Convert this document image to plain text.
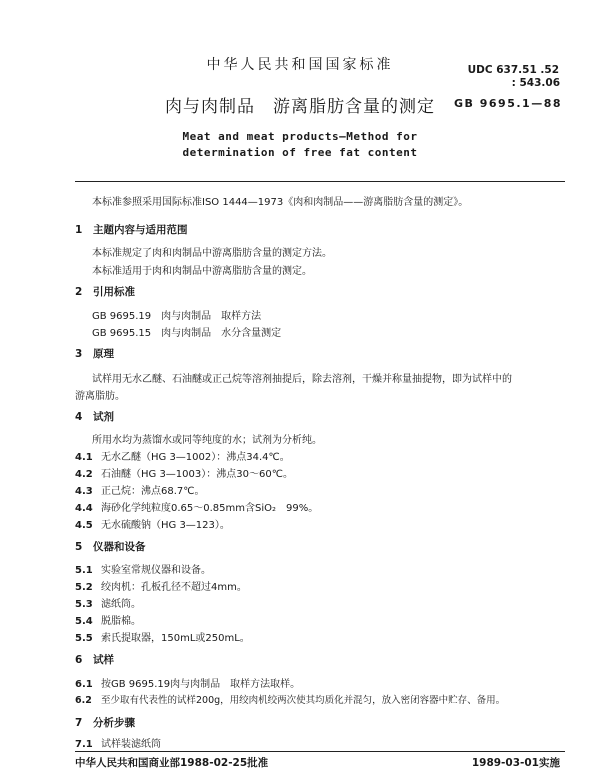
中华人民共和国国家标准	UDC 637.51 .52
: 543.06
肉与肉制品　游离脂肪含量的测定	GB 9695.1—88
Meat and meat products—Method for
determination of free fat content
本标准参照采用国际标准ISO 1444—1973《肉和肉制品——游离脂肪含量的测定》。
1 主题内容与适用范围
本标准规定了肉和肉制品中游离脂肪含量的测定方法。
本标准适用于肉和肉制品中游离脂肪含量的测定。
2 引用标准
GB 9695.19　肉与肉制品　取样方法
GB 9695.15　肉与肉制品　水分含量测定
3 原理
试样用无水乙醚、石油醚或正己烷等溶剂抽提后，除去溶剂，干燥并称量抽提物，即为试样中的
游离脂肪。
4 试剂
所用水均为蒸馏水或同等纯度的水；试剂为分析纯。
4.1 无水乙醚（HG 3—1002）：沸点34.4℃。
4.2 石油醚（HG 3—1003）：沸点30～60℃。
4.3 正己烷：沸点68.7℃。
4.4 海砂化学纯粒度0.65～0.85mm含SiO₂　99%。
4.5 无水硫酸钠（HG 3—123）。
5 仪器和设备
5.1 实验室常规仪器和设备。
5.2 绞肉机：孔板孔径不超过4mm。
5.3 滤纸筒。
5.4 脱脂棉。
5.5 索氏提取器，150mL或250mL。
6 试样
6.1 按GB 9695.19肉与肉制品　取样方法取样。
6.2 至少取有代表性的试样200g，用绞肉机绞两次使其均质化并混匀，放入密闭容器中贮存、备用。
7 分析步骤
7.1 试样装滤纸筒
中华人民共和国商业部1988-02-25批准	1989-03-01实施
